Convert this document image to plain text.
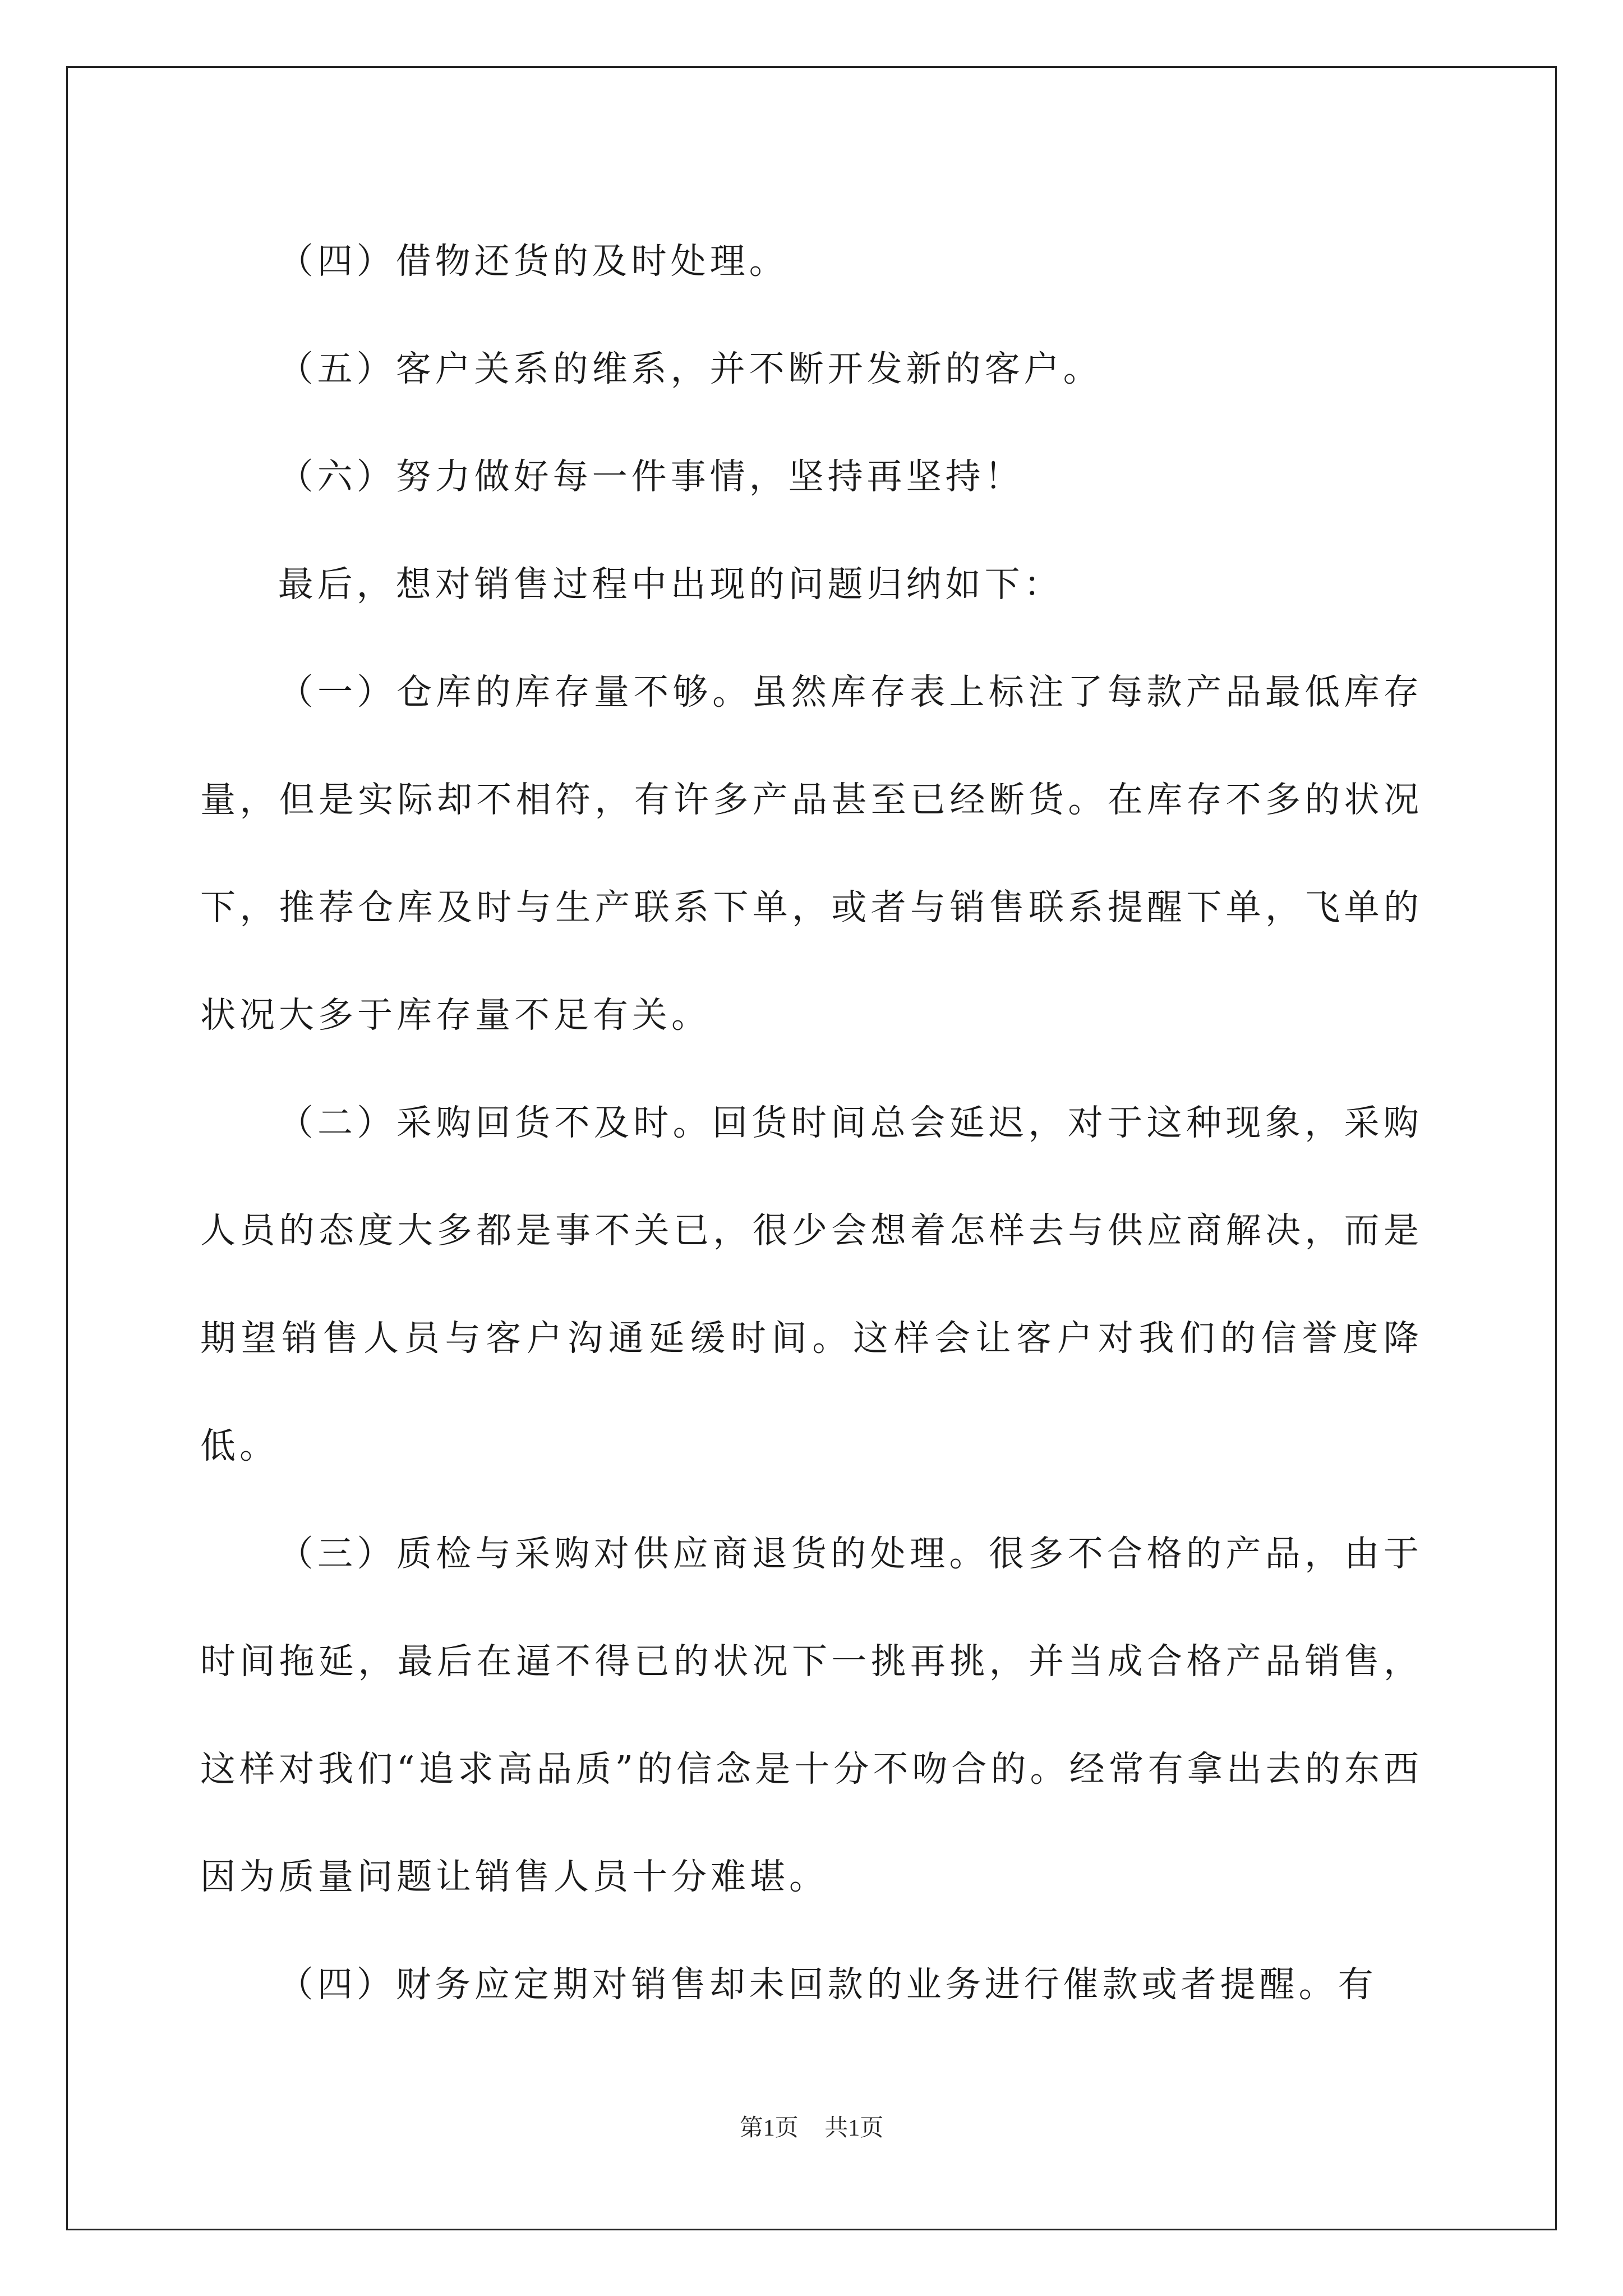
（四）借物还货的及时处理。

（五）客户关系的维系，并不断开发新的客户。

（六）努力做好每一件事情，坚持再坚持！

最后，想对销售过程中出现的问题归纳如下：

（一）仓库的库存量不够。虽然库存表上标注了每款产品最低库存量，但是实际却不相符，有许多产品甚至已经断货。在库存不多的状况下，推荐仓库及时与生产联系下单，或者与销售联系提醒下单，飞单的状况大多于库存量不足有关。

（二）采购回货不及时。回货时间总会延迟，对于这种现象，采购人员的态度大多都是事不关已，很少会想着怎样去与供应商解决，而是期望销售人员与客户沟通延缓时间。这样会让客户对我们的信誉度降低。

（三）质检与采购对供应商退货的处理。很多不合格的产品，由于时间拖延，最后在逼不得已的状况下一挑再挑，并当成合格产品销售，这样对我们“追求高品质”的信念是十分不吻合的。经常有拿出去的东西因为质量问题让销售人员十分难堪。

（四）财务应定期对销售却未回款的业务进行催款或者提醒。有

第1页 共1页
